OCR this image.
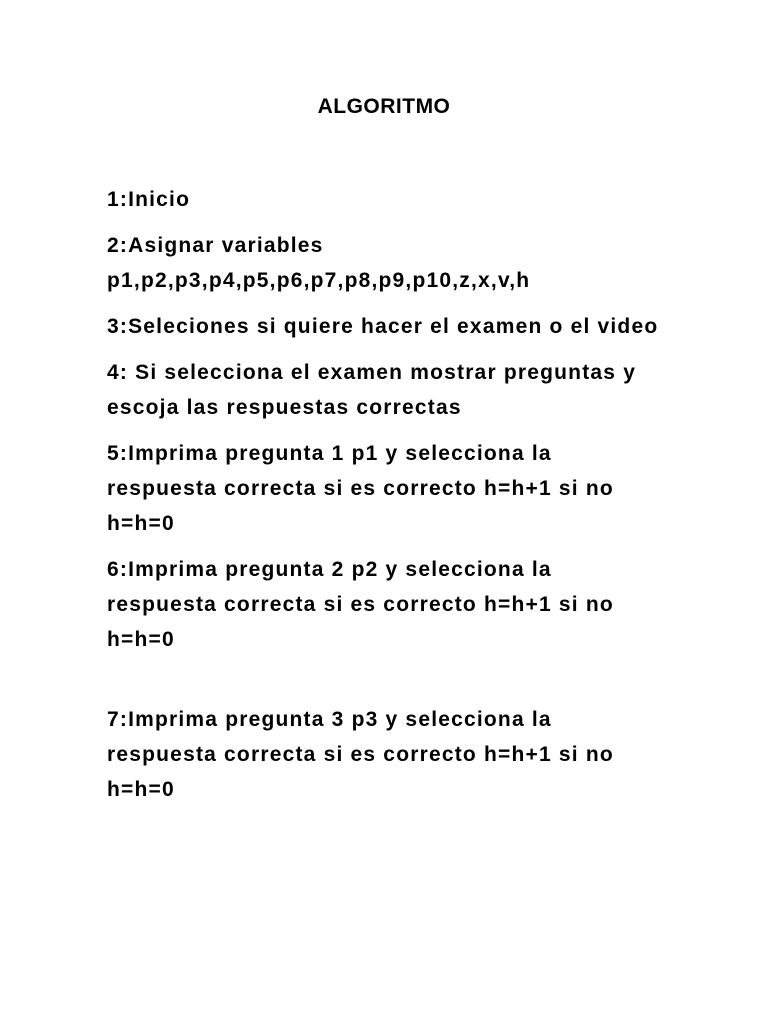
ALGORITMO
1:Inicio
2:Asignar variables p1,p2,p3,p4,p5,p6,p7,p8,p9,p10,z,x,v,h
3:Seleciones si quiere hacer el examen o el video
4: Si selecciona el examen mostrar preguntas y escoja las respuestas correctas
5:Imprima pregunta 1 p1 y selecciona la respuesta correcta si es correcto h=h+1 si no h=h=0
6:Imprima pregunta 2 p2 y selecciona la respuesta correcta si es correcto h=h+1 si no h=h=0
7:Imprima pregunta 3 p3 y selecciona la respuesta correcta si es correcto h=h+1 si no h=h=0
